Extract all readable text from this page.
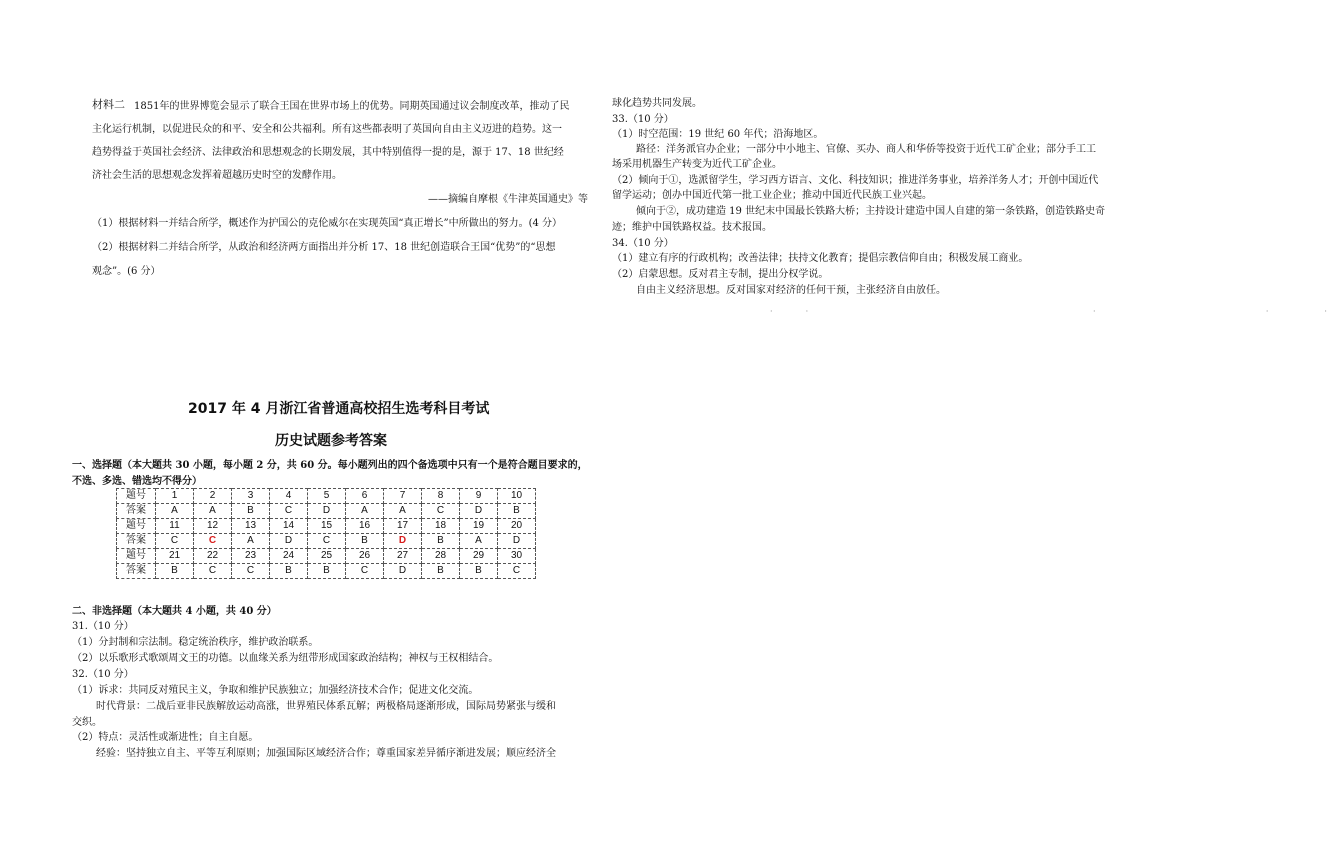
材料二 1851年的世界博览会显示了联合王国在世界市场上的优势。同期英国通过议会制度改革，推动了民
主化运行机制，以促进民众的和平、安全和公共福利。所有这些都表明了英国向自由主义迈进的趋势。这一
趋势得益于英国社会经济、法律政治和思想观念的长期发展，其中特别值得一提的是，源于 17、18 世纪经
济社会生活的思想观念发挥着超越历史时空的发酵作用。
——摘编自摩根《牛津英国通史》等
（1）根据材料一并结合所学，概述作为护国公的克伦威尔在实现英国“真正增长”中所做出的努力。(4 分）
（2）根据材料二并结合所学，从政治和经济两方面指出并分析 17、18 世纪创造联合王国“优势”的“思想
观念”。(6 分）
球化趋势共同发展。
33.（10 分）
（1）时空范围：19 世纪 60 年代；沿海地区。
路径：洋务派官办企业；一部分中小地主、官僚、买办、商人和华侨等投资于近代工矿企业；部分手工工
场采用机器生产转变为近代工矿企业。
（2）倾向于①，选派留学生，学习西方语言、文化、科技知识；推进洋务事业，培养洋务人才；开创中国近代
留学运动；创办中国近代第一批工业企业；推动中国近代民族工业兴起。
倾向于②，成功建造 19 世纪末中国最长铁路大桥；主持设计建造中国人自建的第一条铁路，创造铁路史奇
迹；维护中国铁路权益。技术报国。
34.（10 分）
（1）建立有序的行政机构；改善法律；扶持文化教育；提倡宗教信仰自由；积极发展工商业。
（2）启蒙思想。反对君主专制，提出分权学说。
自由主义经济思想。反对国家对经济的任何干预，主张经济自由放任。
·             ·                                                                                                                ·                                                                   ·                      ·
2017 年 4 月浙江省普通高校招生选考科目考试
历史试题参考答案
一、选择题（本大题共 30 小题，每小题 2 分，共 60 分。每小题列出的四个备选项中只有一个是符合题目要求的，
不选、多选、错选均不得分）
题号	1	2	3	4	5	6	7	8	9	10
答案	A	A	B	C	D	A	A	C	D	B
题号	11	12	13	14	15	16	17	18	19	20
答案	C	C	A	D	C	B	D	B	A	D
题号	21	22	23	24	25	26	27	28	29	30
答案	B	C	C	B	B	C	D	B	B	C
二、非选择题（本大题共 4 小题，共 40 分）
31.（10 分）
（1）分封制和宗法制。稳定统治秩序，维护政治联系。
（2）以乐歌形式歌颂周文王的功德。以血缘关系为纽带形成国家政治结构；神权与王权相结合。
32.（10 分）
（1）诉求：共同反对殖民主义，争取和维护民族独立；加强经济技术合作；促进文化交流。
时代背景：二战后亚非民族解放运动高涨，世界殖民体系瓦解；两极格局逐渐形成，国际局势紧张与缓和
交织。
（2）特点：灵活性或渐进性；自主自愿。
经验：坚持独立自主、平等互利原则；加强国际区域经济合作；尊重国家差异循序渐进发展；顺应经济全
